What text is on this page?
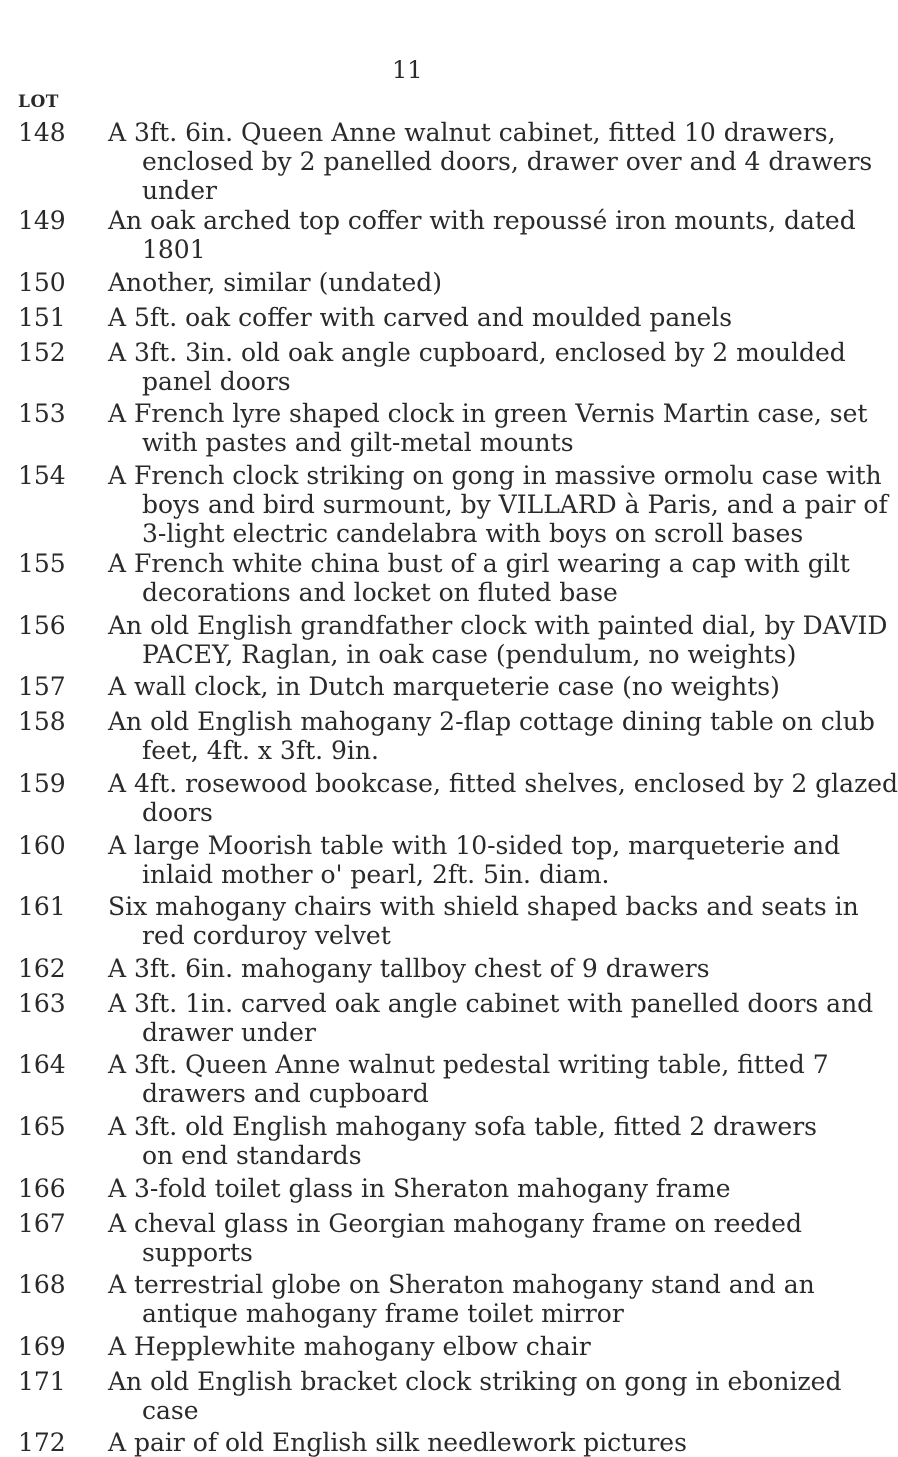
11
LOT
148 A 3ft. 6in. Queen Anne walnut cabinet, fitted 10 drawers,
enclosed by 2 panelled doors, drawer over and 4 drawers
under
149 An oak arched top coffer with repoussé iron mounts, dated
1801
150 Another, similar (undated)
151 A 5ft. oak coffer with carved and moulded panels
152 A 3ft. 3in. old oak angle cupboard, enclosed by 2 moulded
panel doors
153 A French lyre shaped clock in green Vernis Martin case, set
with pastes and gilt-metal mounts
154 A French clock striking on gong in massive ormolu case with
boys and bird surmount, by VILLARD à Paris, and a pair of
3-light electric candelabra with boys on scroll bases
155 A French white china bust of a girl wearing a cap with gilt
decorations and locket on fluted base
156 An old English grandfather clock with painted dial, by DAVID
PACEY, Raglan, in oak case (pendulum, no weights)
157 A wall clock, in Dutch marqueterie case (no weights)
158 An old English mahogany 2-flap cottage dining table on club
feet, 4ft. x 3ft. 9in.
159 A 4ft. rosewood bookcase, fitted shelves, enclosed by 2 glazed
doors
160 A large Moorish table with 10-sided top, marqueterie and
inlaid mother o' pearl, 2ft. 5in. diam.
161 Six mahogany chairs with shield shaped backs and seats in
red corduroy velvet
162 A 3ft. 6in. mahogany tallboy chest of 9 drawers
163 A 3ft. 1in. carved oak angle cabinet with panelled doors and
drawer under
164 A 3ft. Queen Anne walnut pedestal writing table, fitted 7
drawers and cupboard
165 A 3ft. old English mahogany sofa table, fitted 2 drawers
on end standards
166 A 3-fold toilet glass in Sheraton mahogany frame
167 A cheval glass in Georgian mahogany frame on reeded
supports
168 A terrestrial globe on Sheraton mahogany stand and an
antique mahogany frame toilet mirror
169 A Hepplewhite mahogany elbow chair
171 An old English bracket clock striking on gong in ebonized
case
172 A pair of old English silk needlework pictures
